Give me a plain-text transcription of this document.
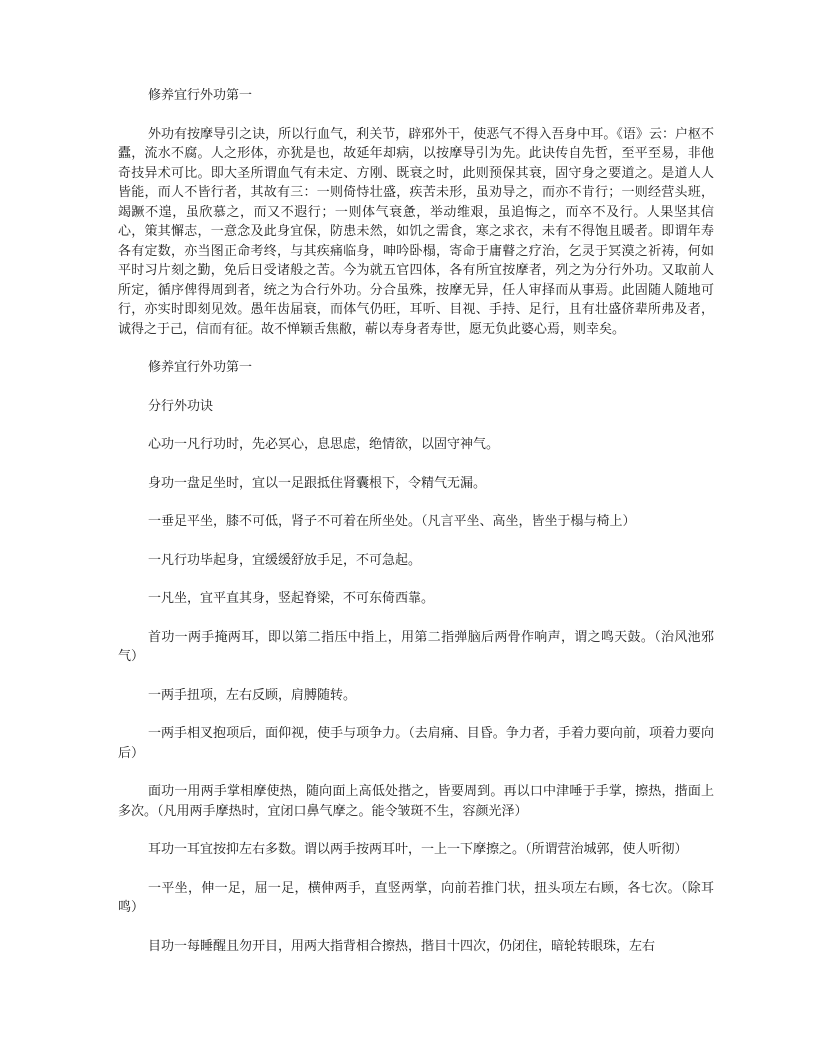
修养宜行外功第一

外功有按摩导引之诀，所以行血气，利关节，辟邪外干，使恶气不得入吾身中耳。《语》云：户枢不蠹，流水不腐。人之形体，亦犹是也，故延年却病，以按摩导引为先。此诀传自先哲，至平至易，非他奇技异术可比。即大圣所谓血气有未定、方刚、既衰之时，此则预保其衰，固守身之要道之。是道人人皆能，而人不皆行者，其故有三：一则倚恃壮盛，疾苦未形，虽劝导之，而亦不肯行；一则经营头班，竭蹶不遑，虽欣慕之，而又不遐行；一则体气衰惫，举动维艰，虽追悔之，而卒不及行。人果坚其信心，策其懈志，一意念及此身宜保，防患未然，如饥之需食，寒之求衣，未有不得饱且暖者。即谓年寿各有定数，亦当图正命考终，与其疾痛临身，呻吟卧榻，寄命于庸瞽之疗治，乞灵于冥漠之祈祷，何如平时习片刻之勤，免后日受诸般之苦。今为就五官四体，各有所宜按摩者，列之为分行外功。又取前人所定，循序俾得周到者，统之为合行外功。分合虽殊，按摩无异，任人审择而从事焉。此固随人随地可行，亦实时即刻见效。愚年齿届衰，而体气仍旺，耳听、目视、手持、足行，且有壮盛侪辈所弗及者，诚得之于己，信而有征。故不惮颖舌焦敝，蕲以寿身者寿世，愿无负此婆心焉，则幸矣。

修养宜行外功第一

分行外功诀

心功一凡行功时，先必冥心，息思虑，绝情欲，以固守神气。

身功一盘足坐时，宜以一足跟抵住肾囊根下，令精气无漏。

一垂足平坐，膝不可低，肾子不可着在所坐处。（凡言平坐、高坐，皆坐于榻与椅上）

一凡行功毕起身，宜缓缓舒放手足，不可急起。

一凡坐，宜平直其身，竖起脊梁，不可东倚西靠。

首功一两手掩两耳，即以第二指压中指上，用第二指弹脑后两骨作响声，谓之鸣天鼓。（治风池邪气）

一两手扭项，左右反顾，肩膊随转。

一两手相叉抱项后，面仰视，使手与项争力。（去肩痛、目昏。争力者，手着力要向前，项着力要向后）

面功一用两手掌相摩使热，随向面上高低处揩之，皆要周到。再以口中津唾于手掌，擦热，揩面上多次。（凡用两手摩热时，宜闭口鼻气摩之。能令皱斑不生，容颜光泽）

耳功一耳宜按抑左右多数。谓以两手按两耳叶，一上一下摩擦之。（所谓营治城郭，使人听彻）

一平坐，伸一足，屈一足，横伸两手，直竖两掌，向前若推门状，扭头项左右顾，各七次。（除耳鸣）

目功一每睡醒且勿开目，用两大指背相合擦热，揩目十四次，仍闭住，暗轮转眼珠，左右
